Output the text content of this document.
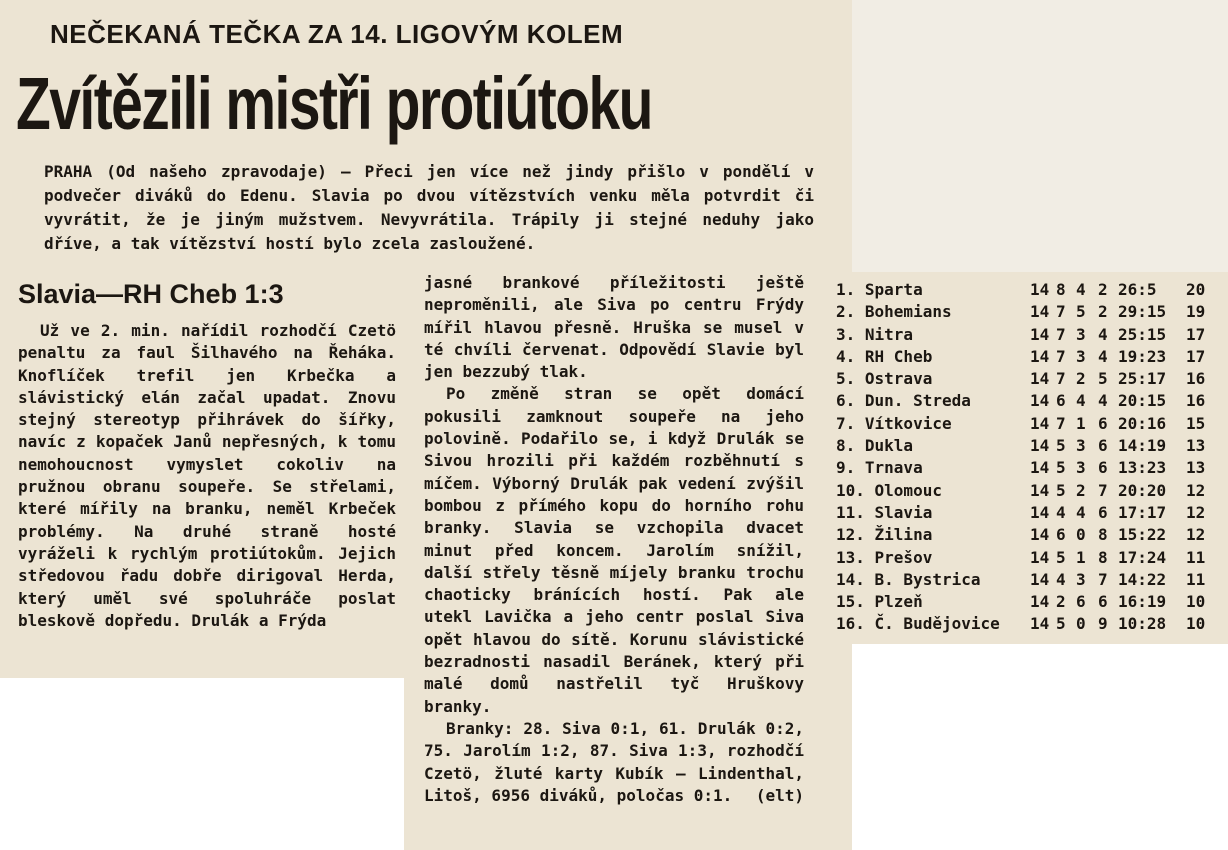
NEČEKANÁ TEČKA ZA 14. LIGOVÝM KOLEM
Zvítězili mistři protiútoku
PRAHA (Od našeho zpravodaje) — Přeci jen více než jindy přišlo v pondělí v podvečer diváků do Edenu. Slavia po dvou vítězstvích venku měla potvrdit či vyvrátit, že je jiným mužstvem. Nevyvrátila. Trápily ji stejné neduhy jako dříve, a tak vítězství hostí bylo zcela zasloužené.
Slavia—RH Cheb 1:3

Už ve 2. min. nařídil rozhodčí Czetö penaltu za faul Šilhavého na Řeháka. Knoflíček trefil jen Krbečka a slávistický elán začal upadat. Znovu stejný stereotyp přihrávek do šířky, navíc z kopaček Janů nepřesných, k tomu nemohoucnost vymyslet cokoliv na pružnou obranu soupeře. Se střelami, které mířily na branku, neměl Krbeček problémy. Na druhé straně hosté vyráželi k rychlým protiútokům. Jejich středovou řadu dobře dirigoval Herda, který uměl své spoluhráče poslat bleskově dopředu. Drulák a Frýda

jasné brankové příležitosti ještě neproměnili, ale Siva po centru Frýdy mířil hlavou přesně. Hruška se musel v té chvíli červenat. Odpovědí Slavie byl jen bezzubý tlak.

Po změně stran se opět domácí pokusili zamknout soupeře na jeho polovině. Podařilo se, i když Drulák se Sivou hrozili při každém rozběhnutí s míčem. Výborný Drulák pak vedení zvýšil bombou z přímého kopu do horního rohu branky. Slavia se vzchopila dvacet minut před koncem. Jarolím snížil, další střely těsně míjely branku trochu chaoticky bránících hostí. Pak ale utekl Lavička a jeho centr poslal Siva opět hlavou do sítě. Korunu slávistické bezradnosti nasadil Beránek, který při malé domů nastřelil tyč Hruškovy branky.

Branky: 28. Siva 0:1, 61. Drulák 0:2, 75. Jarolím 1:2, 87. Siva 1:3, rozhodčí Czetö, žluté karty Kubík — Lindenthal, Litoš, 6956 diváků, poločas 0:1.	(elt)

1. Sparta	14 8 4 2 26:5 20
2. Bohemians	14 7 5 2 29:15 19
3. Nitra	14 7 3 4 25:15 17
4. RH Cheb	14 7 3 4 19:23 17
5. Ostrava	14 7 2 5 25:17 16
6. Dun. Streda	14 6 4 4 20:15 16
7. Vítkovice	14 7 1 6 20:16 15
8. Dukla	14 5 3 6 14:19 13
9. Trnava	14 5 3 6 13:23 13
10. Olomouc	14 5 2 7 20:20 12
11. Slavia	14 4 4 6 17:17 12
12. Žilina	14 6 0 8 15:22 12
13. Prešov	14 5 1 8 17:24 11
14. B. Bystrica	14 4 3 7 14:22 11
15. Plzeň	14 2 6 6 16:19 10
16. Č. Budějovice 14 5 0 9 10:28 10
